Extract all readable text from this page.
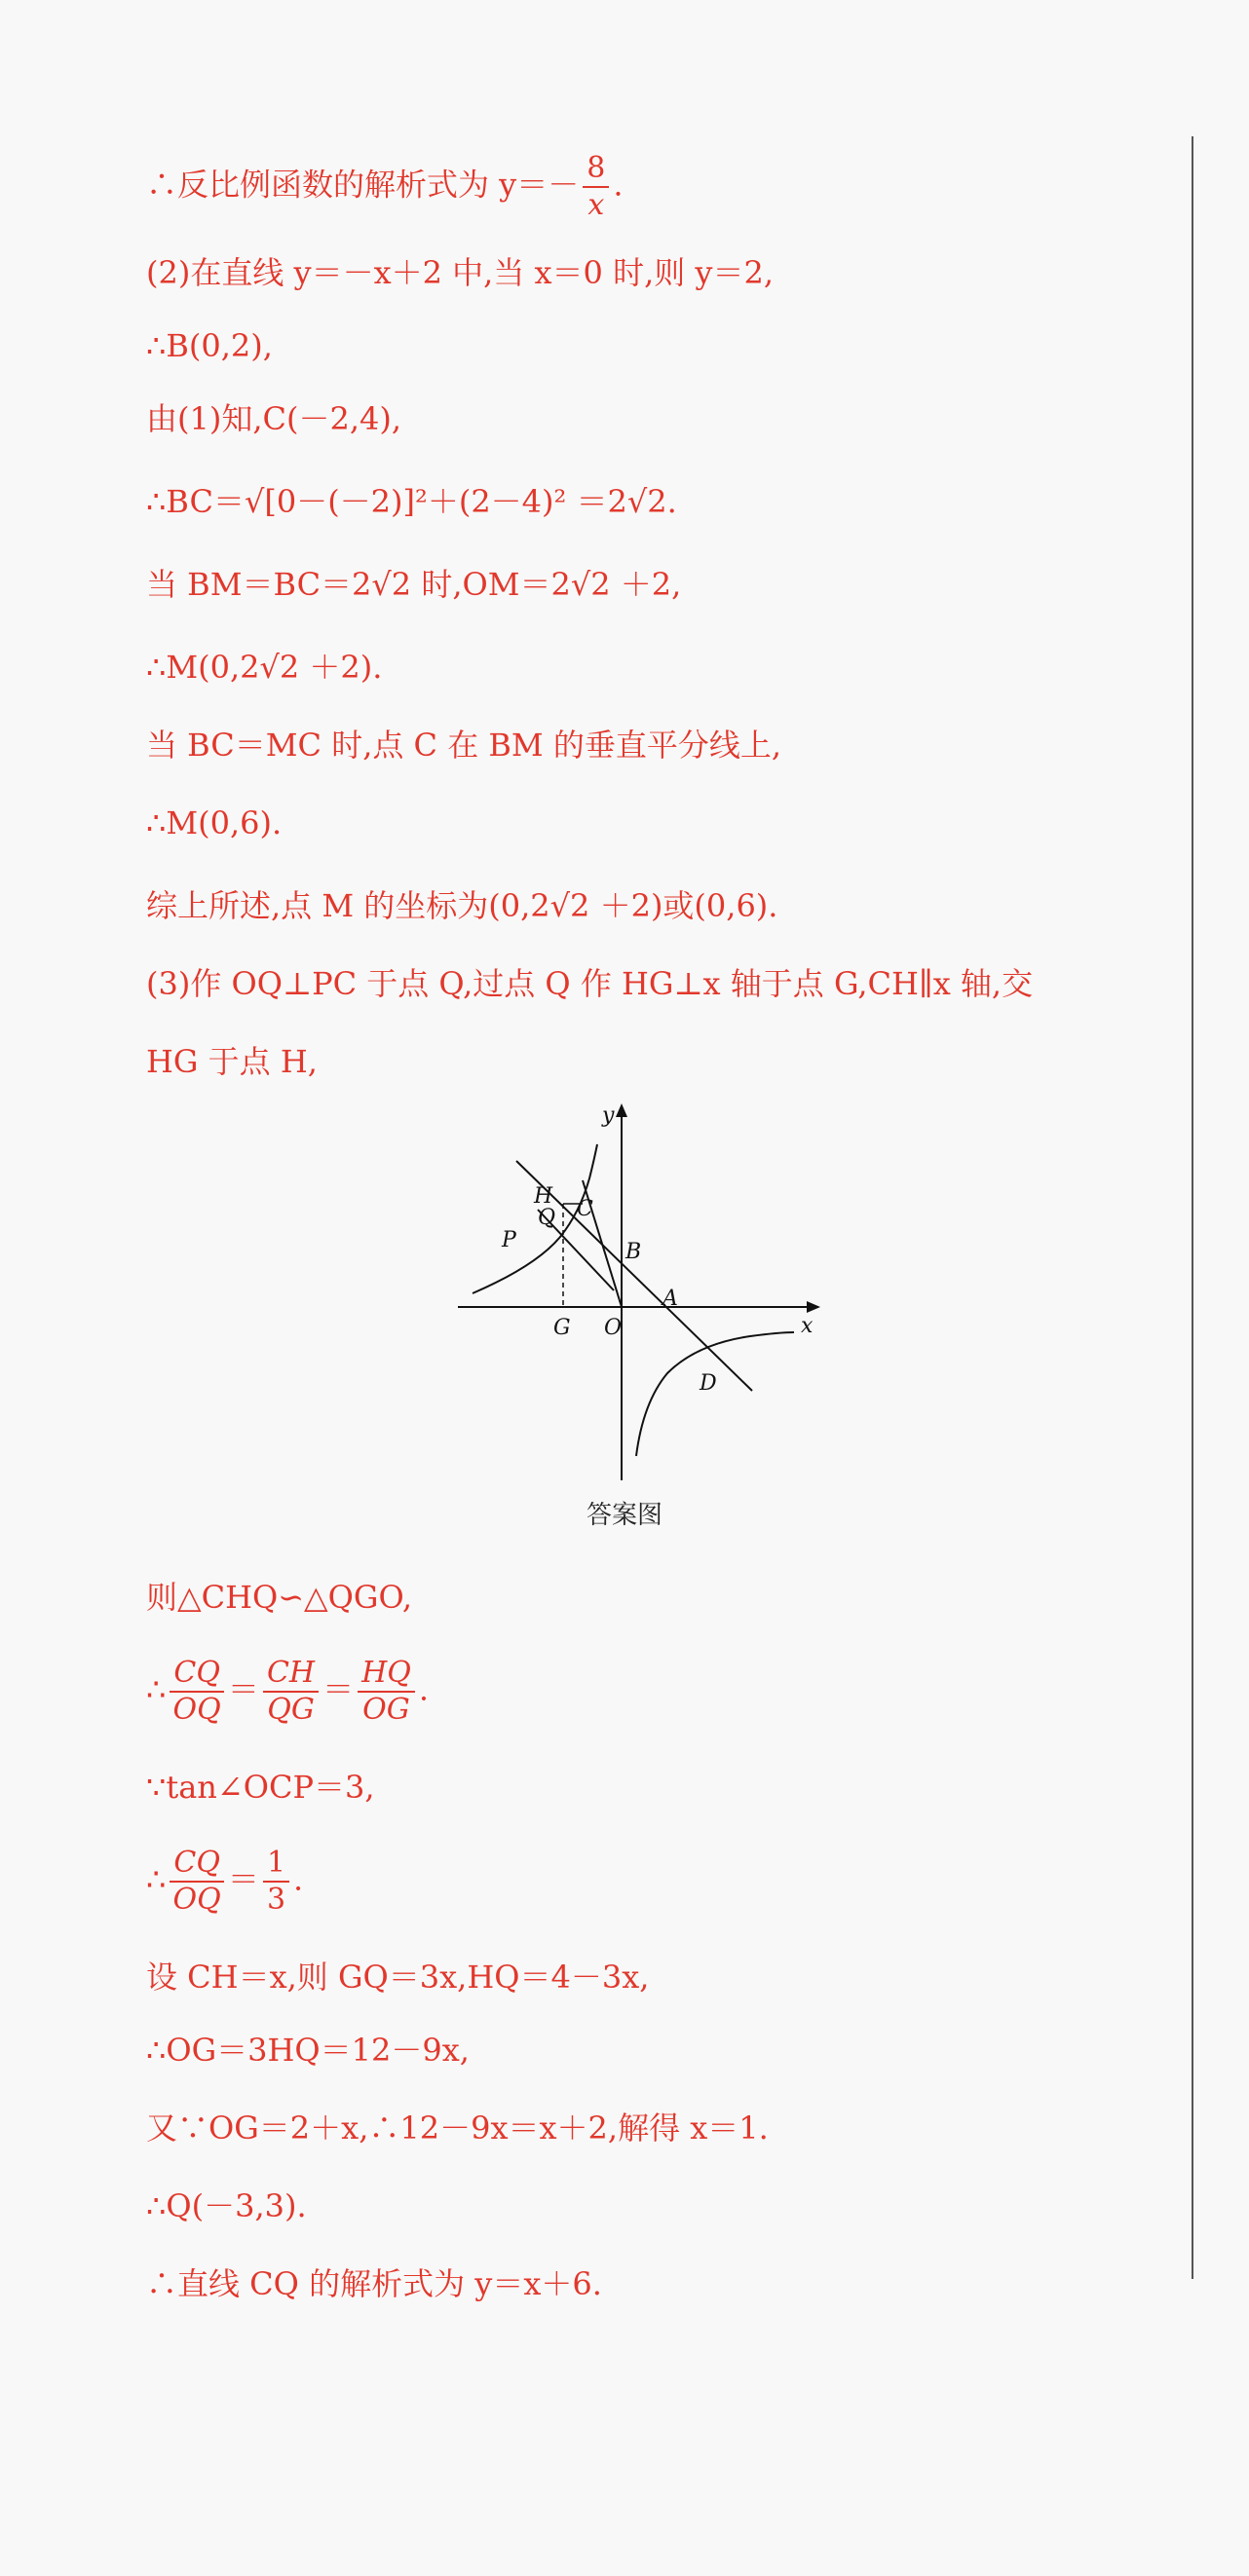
∴反比例函数的解析式为 $y=- \frac{8}{x}$ .
(2)在直线 y＝－x＋2 中,当 x＝0 时,则 y＝2,
∴B(0,2),
由(1)知,C(－2,4),
∴BC＝√[0－(－2)]²＋(2－4)² ＝2√2.
当 BM＝BC＝2√2 时,OM＝2√2 ＋2,
∴M(0,2√2 ＋2).
当 BC＝MC 时,点 C 在 BM 的垂直平分线上,
∴M(0,6).
综上所述,点 M 的坐标为(0,2√2 ＋2)或(0,6).
(3)作 OQ⊥PC 于点 Q,过点 Q 作 HG⊥x 轴于点 G,CH∥x 轴,交
HG 于点 H,
y
x
H
Q C
P	B
A
G O
D
答案图
则△CHQ∽△QGO,
∴ $\frac{CQ}{OQ} = \frac{CH}{QG} = \frac{HQ}{OG}$ .
∵tan∠OCP＝3,
∴ $\frac{CQ}{OQ} = \frac{1}{3}$ .
设 CH＝x,则 GQ＝3x,HQ＝4－3x,
∴OG＝3HQ＝12－9x,
又∵OG＝2＋x,∴12－9x＝x＋2,解得 x＝1.
∴Q(－3,3).
∴直线 CQ 的解析式为 y＝x＋6.
